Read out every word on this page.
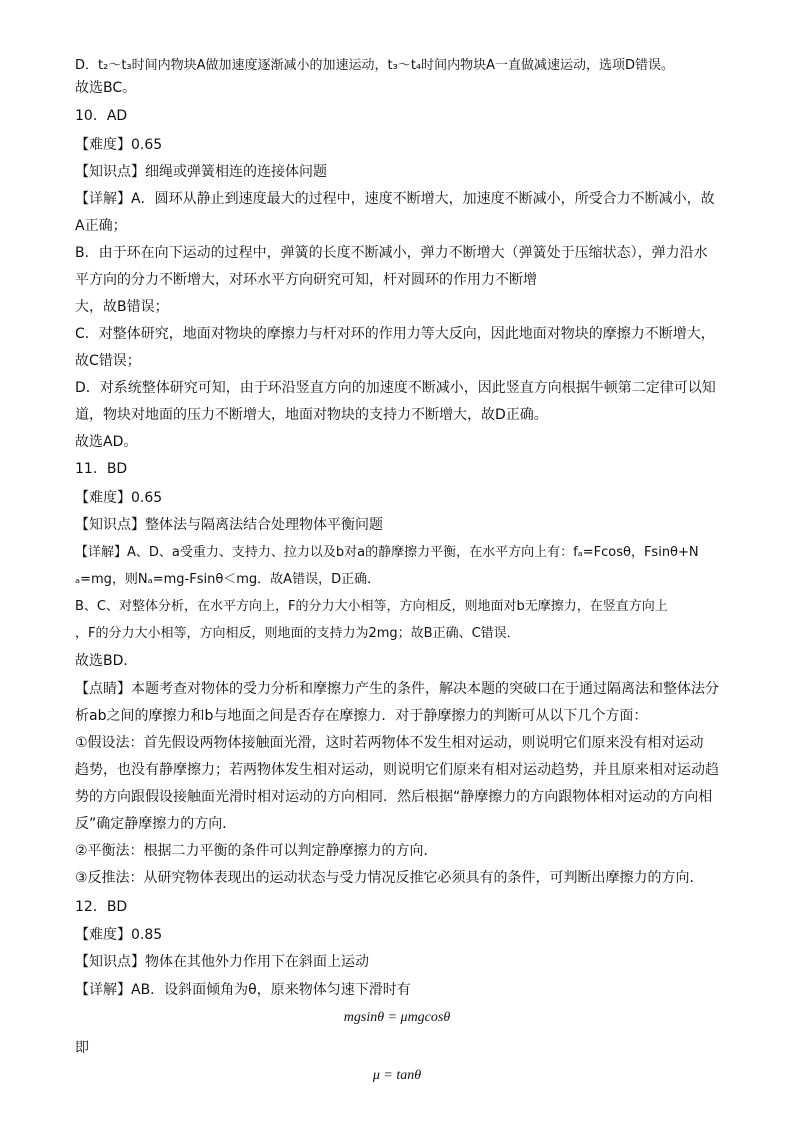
D．t₂～t₃时间内物块A做加速度逐渐减小的加速运动，t₃～t₄时间内物块A一直做减速运动，选项D错误。
故选BC。
10．AD
【难度】0.65
【知识点】细绳或弹簧相连的连接体问题
【详解】A．圆环从静止到速度最大的过程中，速度不断增大，加速度不断减小，所受合力不断减小，故
A正确；
B．由于环在向下运动的过程中，弹簧的长度不断减小，弹力不断增大（弹簧处于压缩状态），弹力沿水
平方向的分力不断增大，对环水平方向研究可知，杆对圆环的作用力不断增
大，故B错误；
C．对整体研究，地面对物块的摩擦力与杆对环的作用力等大反向，因此地面对物块的摩擦力不断增大，
故C错误；
D．对系统整体研究可知，由于环沿竖直方向的加速度不断减小，因此竖直方向根据牛顿第二定律可以知
道，物块对地面的压力不断增大，地面对物块的支持力不断增大，故D正确。
故选AD。
11．BD
【难度】0.65
【知识点】整体法与隔离法结合处理物体平衡问题
【详解】A、D、a受重力、支持力、拉力以及b对a的静摩擦力平衡，在水平方向上有：fₐ=Fcosθ，Fsinθ+N
ₐ=mg，则Nₐ=mg-Fsinθ＜mg．故A错误，D正确．
B、C、对整体分析，在水平方向上，F的分力大小相等，方向相反，则地面对b无摩擦力，在竖直方向上
，F的分力大小相等，方向相反，则地面的支持力为2mg；故B正确、C错误．
故选BD．
【点睛】本题考查对物体的受力分析和摩擦力产生的条件，解决本题的突破口在于通过隔离法和整体法分
析ab之间的摩擦力和b与地面之间是否存在摩擦力．对于静摩擦力的判断可从以下几个方面：
①假设法：首先假设两物体接触面光滑，这时若两物体不发生相对运动，则说明它们原来没有相对运动
趋势，也没有静摩擦力；若两物体发生相对运动，则说明它们原来有相对运动趋势，并且原来相对运动趋
势的方向跟假设接触面光滑时相对运动的方向相同．然后根据“静摩擦力的方向跟物体相对运动的方向相
反”确定静摩擦力的方向．
②平衡法：根据二力平衡的条件可以判定静摩擦力的方向．
③反推法：从研究物体表现出的运动状态与受力情况反推它必须具有的条件，可判断出摩擦力的方向．
12．BD
【难度】0.85
【知识点】物体在其他外力作用下在斜面上运动
【详解】AB．设斜面倾角为θ，原来物体匀速下滑时有
mgsinθ = μmgcosθ
即
μ = tanθ
